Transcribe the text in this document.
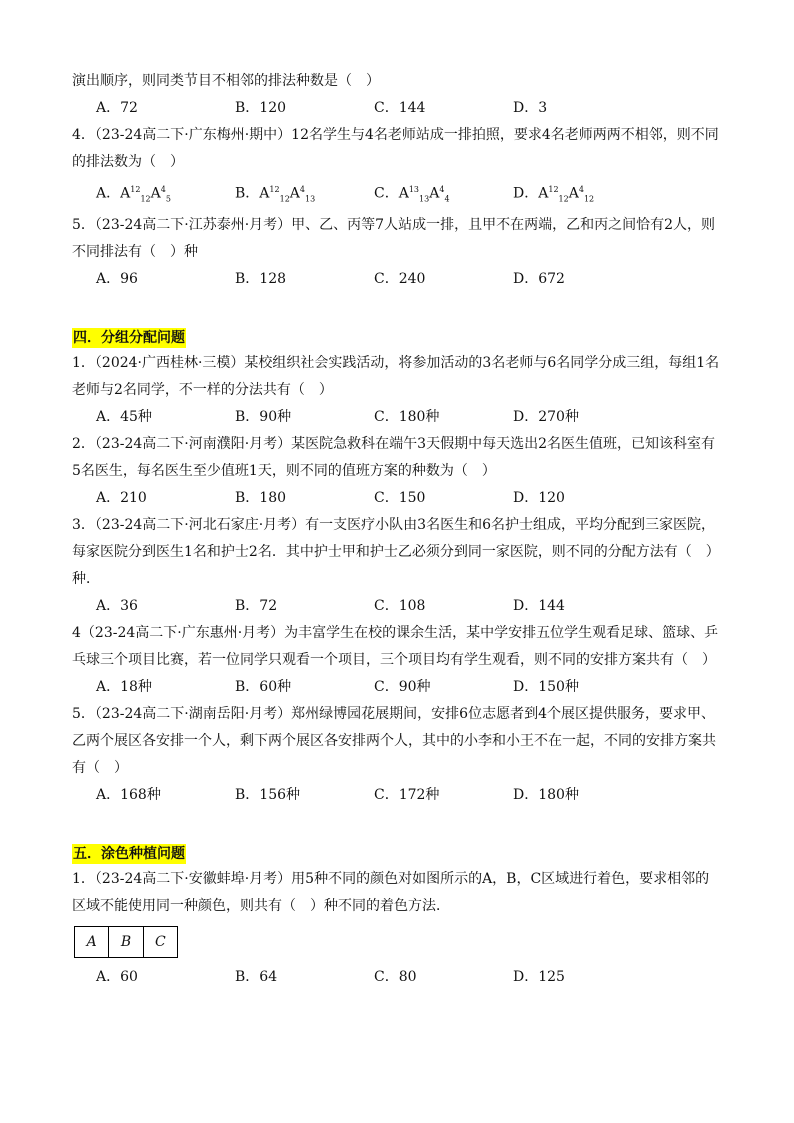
演出顺序，则同类节目不相邻的排法种数是（　）

A．72	B．120	C．144	D．3

4．（23-24高二下·广东梅州·期中）12名学生与4名老师站成一排拍照，要求4名老师两两不相邻，则不同的排法数为（　）

A．$A^{12}_{12}A^4_5$	B．$A^{12}_{12}A^4_{13}$	C．$A^{13}_{13}A^4_4$	D．$A^{12}_{12}A^4_{12}$

5．（23-24高二下·江苏泰州·月考）甲、乙、丙等7人站成一排，且甲不在两端，乙和丙之间恰有2人，则不同排法有（　）种

A．96	B．128	C．240	D．672
四．分组分配问题

1．（2024·广西桂林·三模）某校组织社会实践活动，将参加活动的3名老师与6名同学分成三组，每组1名老师与2名同学，不一样的分法共有（　）

A．45种	B．90种	C．180种	D．270种

2．（23-24高二下·河南濮阳·月考）某医院急救科在端午3天假期中每天选出2名医生值班，已知该科室有5名医生，每名医生至少值班1天，则不同的值班方案的种数为（　）

A．210	B．180	C．150	D．120

3．（23-24高二下·河北石家庄·月考）有一支医疗小队由3名医生和6名护士组成，平均分配到三家医院，每家医院分到医生1名和护士2名．其中护士甲和护士乙必须分到同一家医院，则不同的分配方法有（　）种．

A．36	B．72	C．108	D．144

4（23-24高二下·广东惠州·月考）为丰富学生在校的课余生活，某中学安排五位学生观看足球、篮球、乒乓球三个项目比赛，若一位同学只观看一个项目，三个项目均有学生观看，则不同的安排方案共有（　）

A．18种	B．60种	C．90种	D．150种

5．（23-24高二下·湖南岳阳·月考）郑州绿博园花展期间，安排6位志愿者到4个展区提供服务，要求甲、乙两个展区各安排一个人，剩下两个展区各安排两个人，其中的小李和小王不在一起，不同的安排方案共有（　）

A．168种	B．156种	C．172种	D．180种
五．涂色种植问题

1．（23-24高二下·安徽蚌埠·月考）用5种不同的颜色对如图所示的A，B，C区域进行着色，要求相邻的区域不能使用同一种颜色，则共有（　）种不同的着色方法．

A	B	C
A．60	B．64	C．80	D．125
